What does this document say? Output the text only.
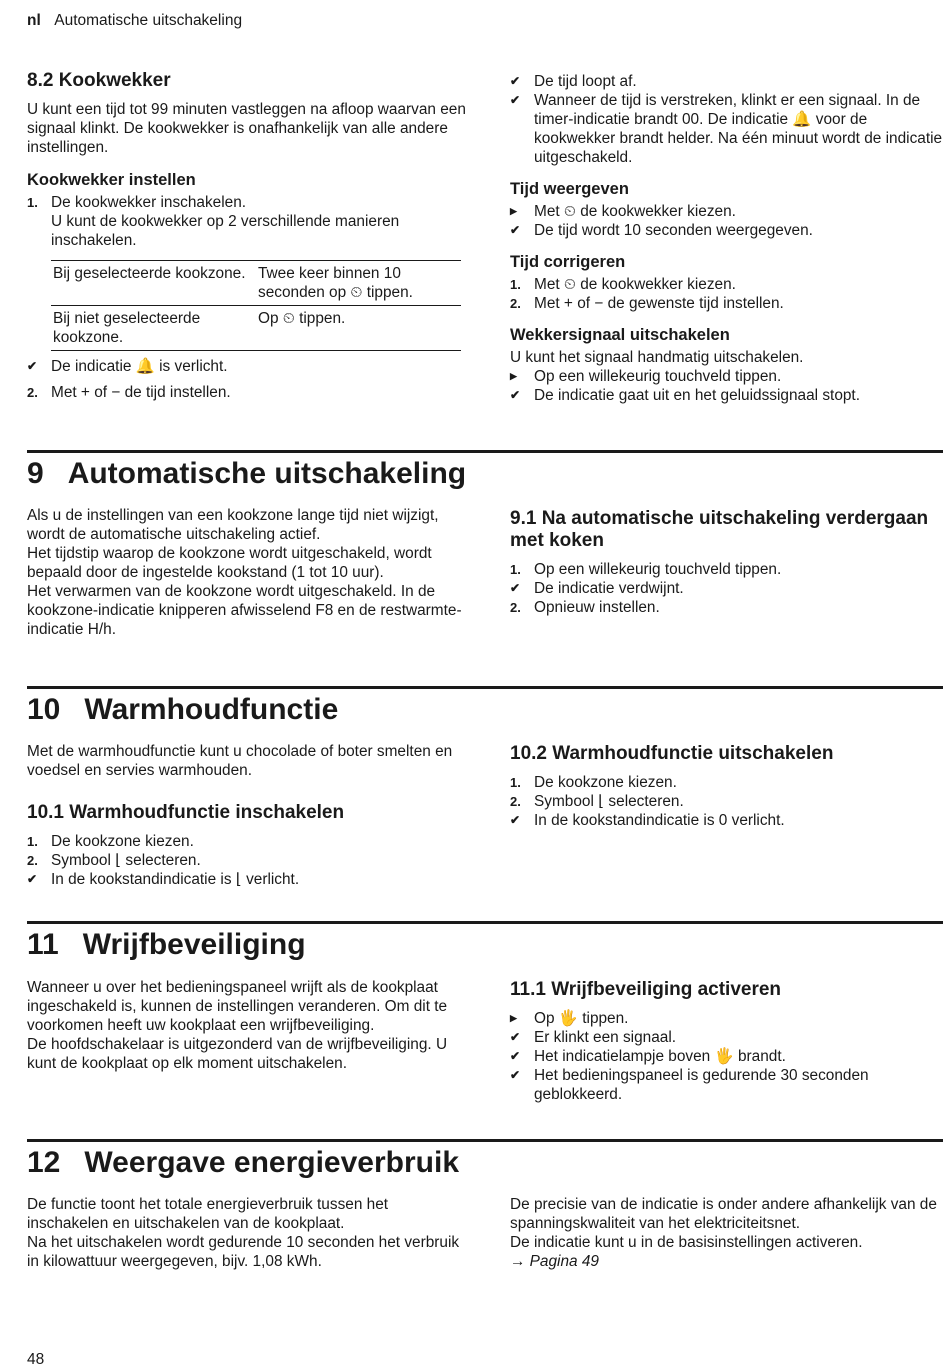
nl Automatische uitschakeling
8.2 Kookwekker

U kunt een tijd tot 99 minuten vastleggen na afloop waarvan een signaal klinkt. De kookwekker is onafhankelijk van alle andere instellingen.

Kookwekker instellen
1. De kookwekker inschakelen.
U kunt de kookwekker op 2 verschillende manieren inschakelen.
Bij geselecteerde kookzone.	Twee keer binnen 10 seconden op ⏲ tippen.
Bij niet geselecteerde kookzone.	Op ⏲ tippen.
✔ De indicatie 🔔 is verlicht.
2. Met + of − de tijd instellen.
✔ De tijd loopt af.
✔ Wanneer de tijd is verstreken, klinkt er een signaal. In de timer-indicatie brandt 00. De indicatie 🔔 voor de kookwekker brandt helder. Na één minuut wordt de indicatie uitgeschakeld.
Tijd weergeven
▶	Met ⏲ de kookwekker kiezen.
✔ De tijd wordt 10 seconden weergegeven.
Tijd corrigeren
1. Met ⏲ de kookwekker kiezen.
2. Met + of − de gewenste tijd instellen.
Wekkersignaal uitschakelen

U kunt het signaal handmatig uitschakelen.

▶	Op een willekeurig touchveld tippen.
✔ De indicatie gaat uit en het geluidssignaal stopt.
9 Automatische uitschakeling

Als u de instellingen van een kookzone lange tijd niet wijzigt, wordt de automatische uitschakeling actief.

Het tijdstip waarop de kookzone wordt uitgeschakeld, wordt bepaald door de ingestelde kookstand (1 tot 10 uur).

Het verwarmen van de kookzone wordt uitgeschakeld. In de kookzone-indicatie knipperen afwisselend F8 en de restwarmte-indicatie H/h.

9.1 Na automatische uitschakeling verdergaan met koken
1. Op een willekeurig touchveld tippen.
✔ De indicatie verdwijnt.
2. Opnieuw instellen.
10 Warmhoudfunctie

Met de warmhoudfunctie kunt u chocolade of boter smelten en voedsel en servies warmhouden.

10.1 Warmhoudfunctie inschakelen
1. De kookzone kiezen.
2. Symbool ⌊ selecteren.
✔ In de kookstandindicatie is ⌊ verlicht.
10.2 Warmhoudfunctie uitschakelen
1. De kookzone kiezen.
2. Symbool ⌊ selecteren.
✔ In de kookstandindicatie is 0 verlicht.
11 Wrijfbeveiliging

Wanneer u over het bedieningspaneel wrijft als de kookplaat ingeschakeld is, kunnen de instellingen veranderen. Om dit te voorkomen heeft uw kookplaat een wrijfbeveiliging.

De hoofdschakelaar is uitgezonderd van de wrijfbeveiliging. U kunt de kookplaat op elk moment uitschakelen.

11.1 Wrijfbeveiliging activeren
▶	Op 🖐 tippen.
✔ Er klinkt een signaal.
✔ Het indicatielampje boven 🖐 brandt.
✔ Het bedieningspaneel is gedurende 30 seconden geblokkeerd.
12 Weergave energieverbruik

De functie toont het totale energieverbruik tussen het inschakelen en uitschakelen van de kookplaat.

Na het uitschakelen wordt gedurende 10 seconden het verbruik in kilowattuur weergegeven, bijv. 1,08 kWh.

De precisie van de indicatie is onder andere afhankelijk van de spanningskwaliteit van het elektriciteitsnet.

De indicatie kunt u in de basisinstellingen activeren.

→ Pagina 49

48
